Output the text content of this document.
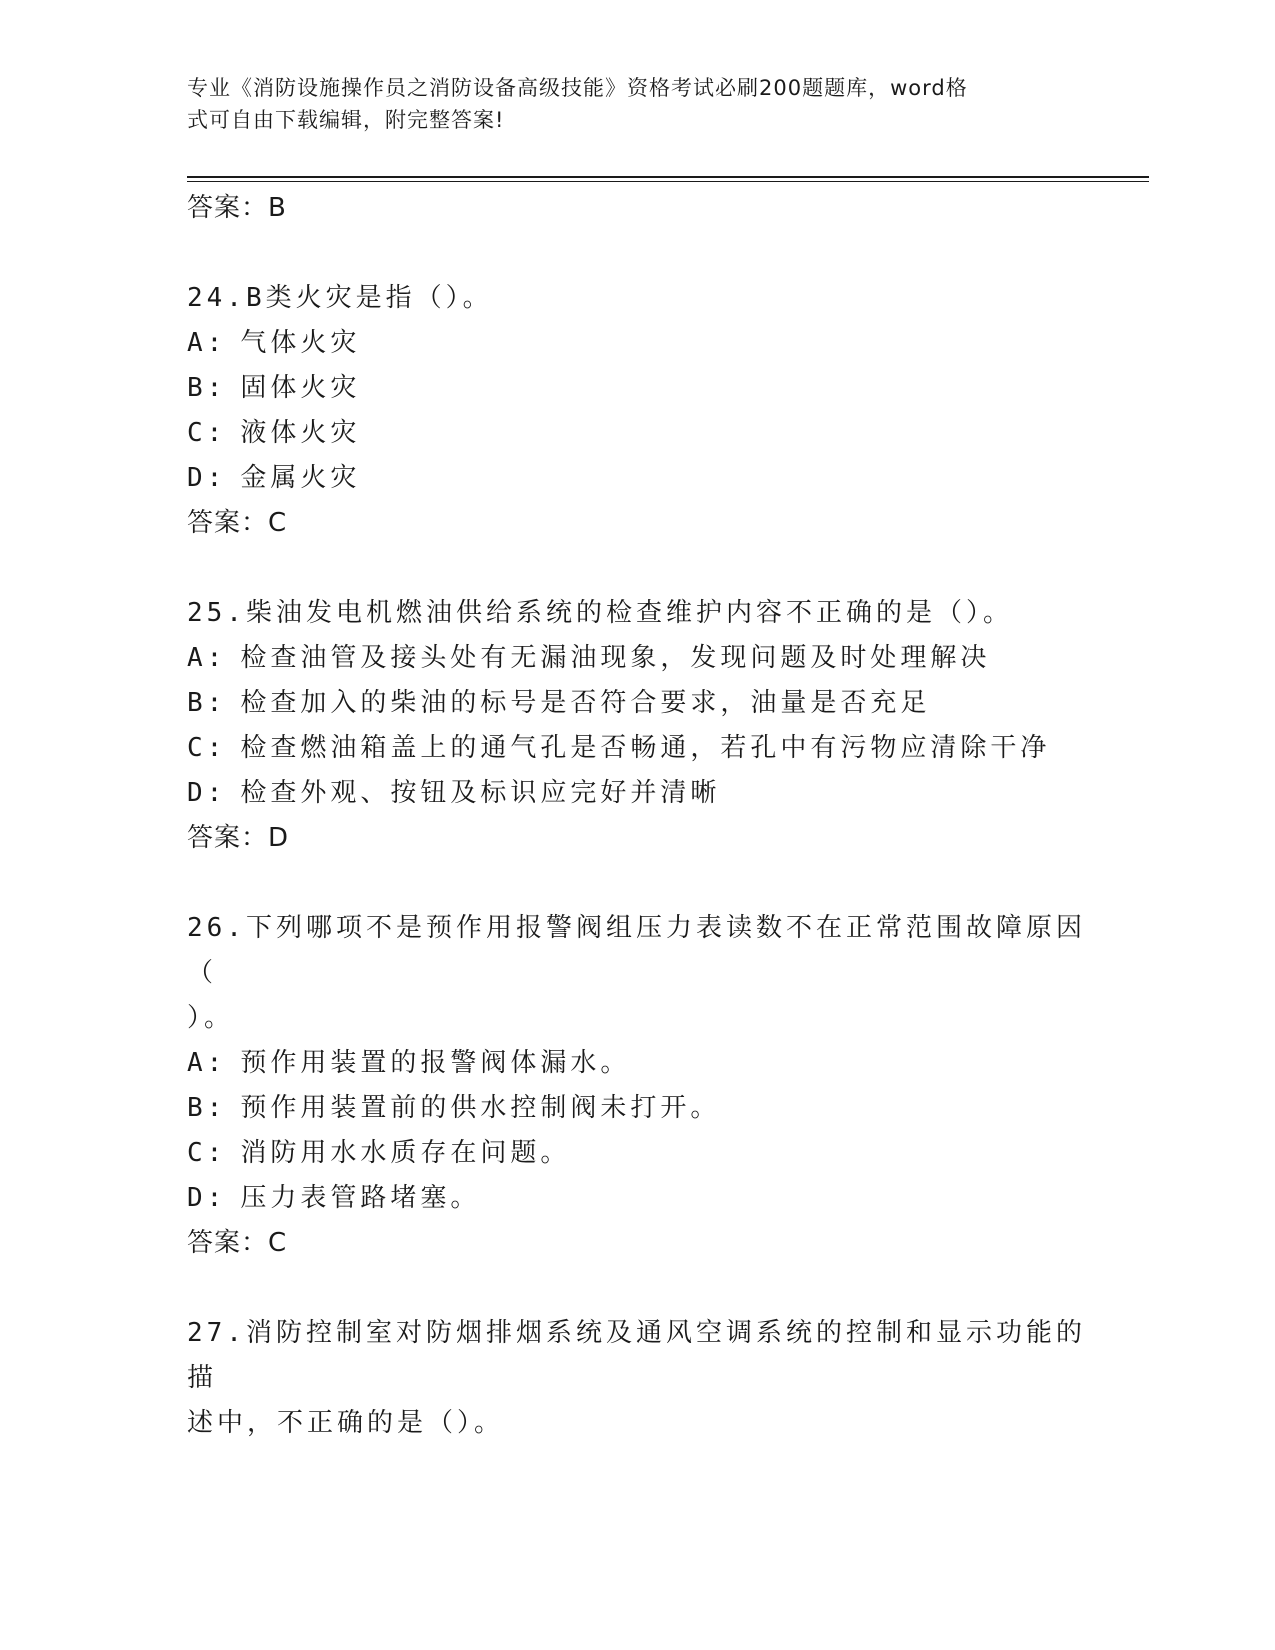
专业《消防设施操作员之消防设备高级技能》资格考试必刷200题题库，word格
式可自由下载编辑，附完整答案!
答案：B
24.B类火灾是指（）。
A: 气体火灾
B: 固体火灾
C: 液体火灾
D: 金属火灾
答案：C
25.柴油发电机燃油供给系统的检查维护内容不正确的是（）。
A: 检查油管及接头处有无漏油现象，发现问题及时处理解决
B: 检查加入的柴油的标号是否符合要求，油量是否充足
C: 检查燃油箱盖上的通气孔是否畅通，若孔中有污物应清除干净
D: 检查外观、按钮及标识应完好并清晰
答案：D
26.下列哪项不是预作用报警阀组压力表读数不在正常范围故障原因（
）。
A: 预作用装置的报警阀体漏水。
B: 预作用装置前的供水控制阀未打开。
C: 消防用水水质存在问题。
D: 压力表管路堵塞。
答案：C
27.消防控制室对防烟排烟系统及通风空调系统的控制和显示功能的描
述中，不正确的是（）。
